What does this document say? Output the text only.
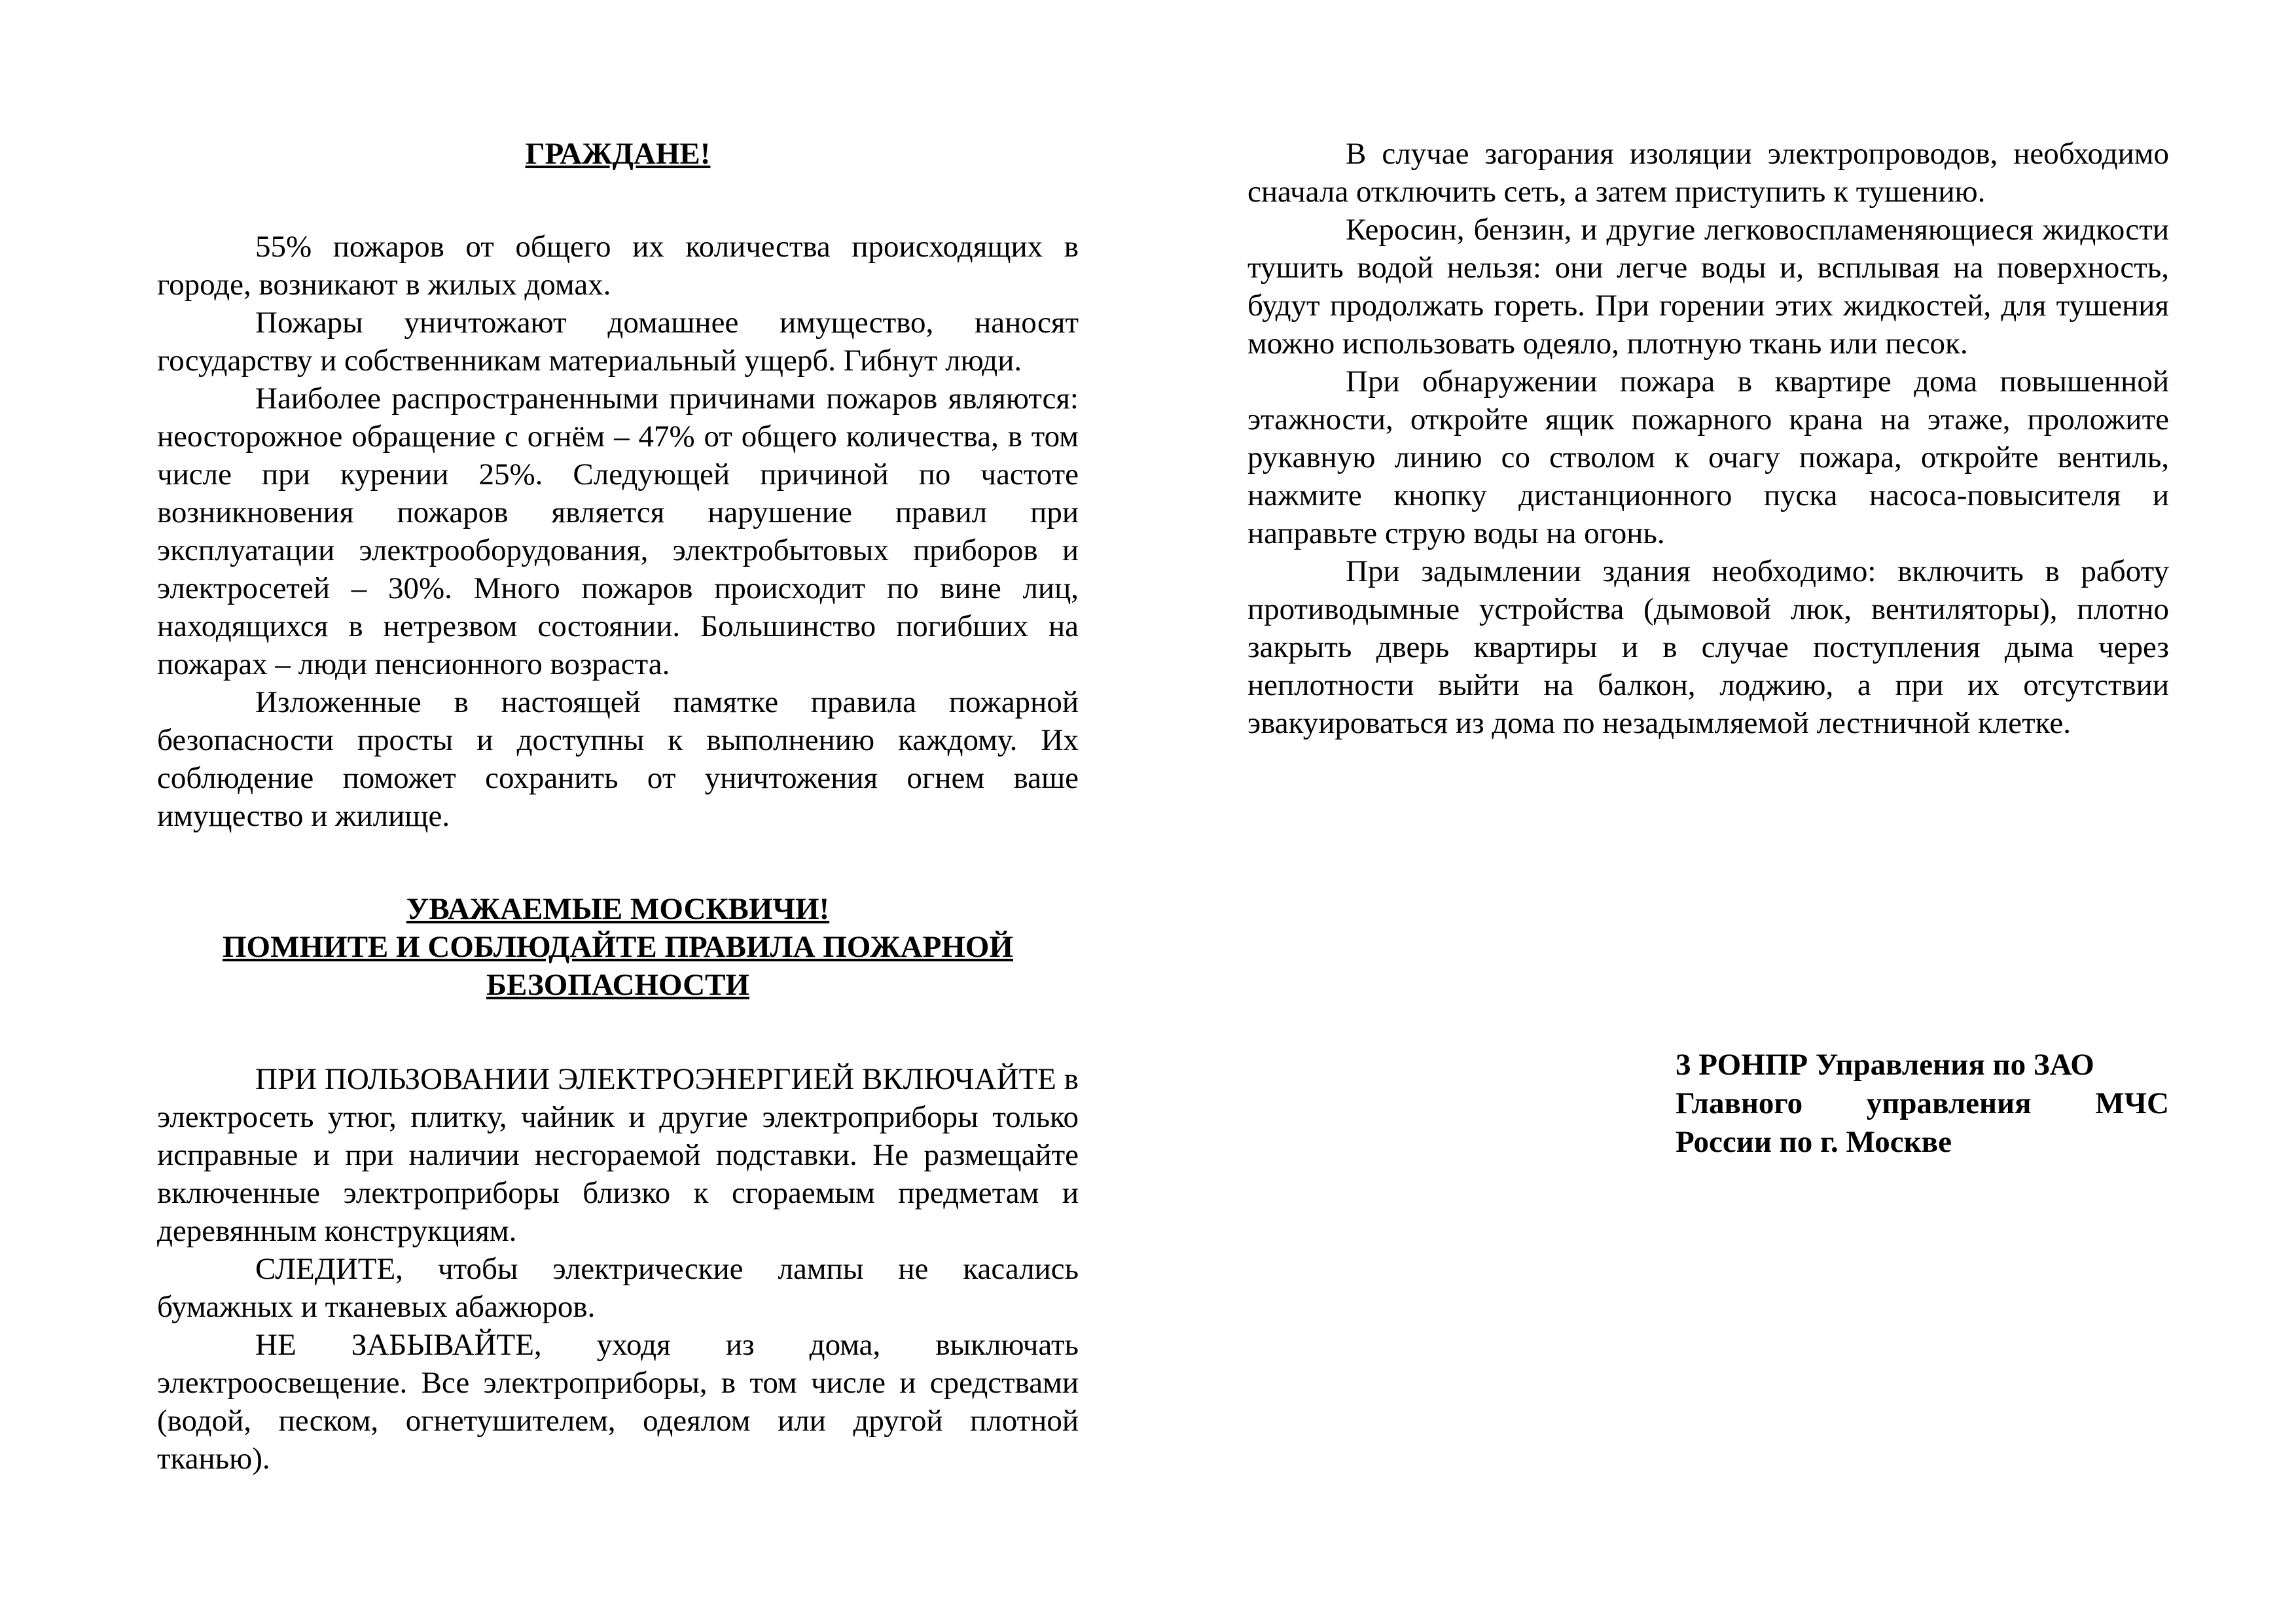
ГРАЖДАНЕ!

55% пожаров от общего их количества происходящих в городе, возникают в жилых домах.

Пожары уничтожают домашнее имущество, наносят государству и собственникам материальный ущерб. Гибнут люди.

Наиболее распространенными причинами пожаров являются: неосторожное обращение с огнём – 47% от общего количества, в том числе при курении 25%. Следующей причиной по частоте возникновения пожаров является нарушение правил при эксплуатации электрооборудования, электробытовых приборов и электросетей – 30%. Много пожаров происходит по вине лиц, находящихся в нетрезвом состоянии. Большинство погибших на пожарах – люди пенсионного возраста.

Изложенные в настоящей памятке правила пожарной безопасности просты и доступны к выполнению каждому. Их соблюдение поможет сохранить от уничтожения огнем ваше имущество и жилище.

УВАЖАЕМЫЕ МОСКВИЧИ!

ПОМНИТЕ И СОБЛЮДАЙТЕ ПРАВИЛА ПОЖАРНОЙ БЕЗОПАСНОСТИ

ПРИ ПОЛЬЗОВАНИИ ЭЛЕКТРОЭНЕРГИЕЙ ВКЛЮЧАЙТЕ в электросеть утюг, плитку, чайник и другие электроприборы только исправные и при наличии несгораемой подставки. Не размещайте включенные электроприборы близко к сгораемым предметам и деревянным конструкциям.

СЛЕДИТЕ, чтобы электрические лампы не касались бумажных и тканевых абажюров.

НЕ ЗАБЫВАЙТЕ, уходя из дома, выключать электроосвещение. Все электроприборы, в том числе и средствами (водой, песком, огнетушителем, одеялом или другой плотной тканью).

В случае загорания изоляции электропроводов, необходимо сначала отключить сеть, а затем приступить к тушению.

Керосин, бензин, и другие легковоспламеняющиеся жидкости тушить водой нельзя: они легче воды и, всплывая на поверхность, будут продолжать гореть. При горении этих жидкостей, для тушения можно использовать одеяло, плотную ткань или песок.

При обнаружении пожара в квартире дома повышенной этажности, откройте ящик пожарного крана на этаже, проложите рукавную линию со стволом к очагу пожара, откройте вентиль, нажмите кнопку дистанционного пуска насоса-повысителя и направьте струю воды на огонь.

При задымлении здания необходимо: включить в работу противодымные устройства (дымовой люк, вентиляторы), плотно закрыть дверь квартиры и в случае поступления дыма через неплотности выйти на балкон, лоджию, а при их отсутствии эвакуироваться из дома по незадымляемой лестничной клетке.

3 РОНПР Управления по ЗАО

Главного управления МЧС

России по г. Москве
